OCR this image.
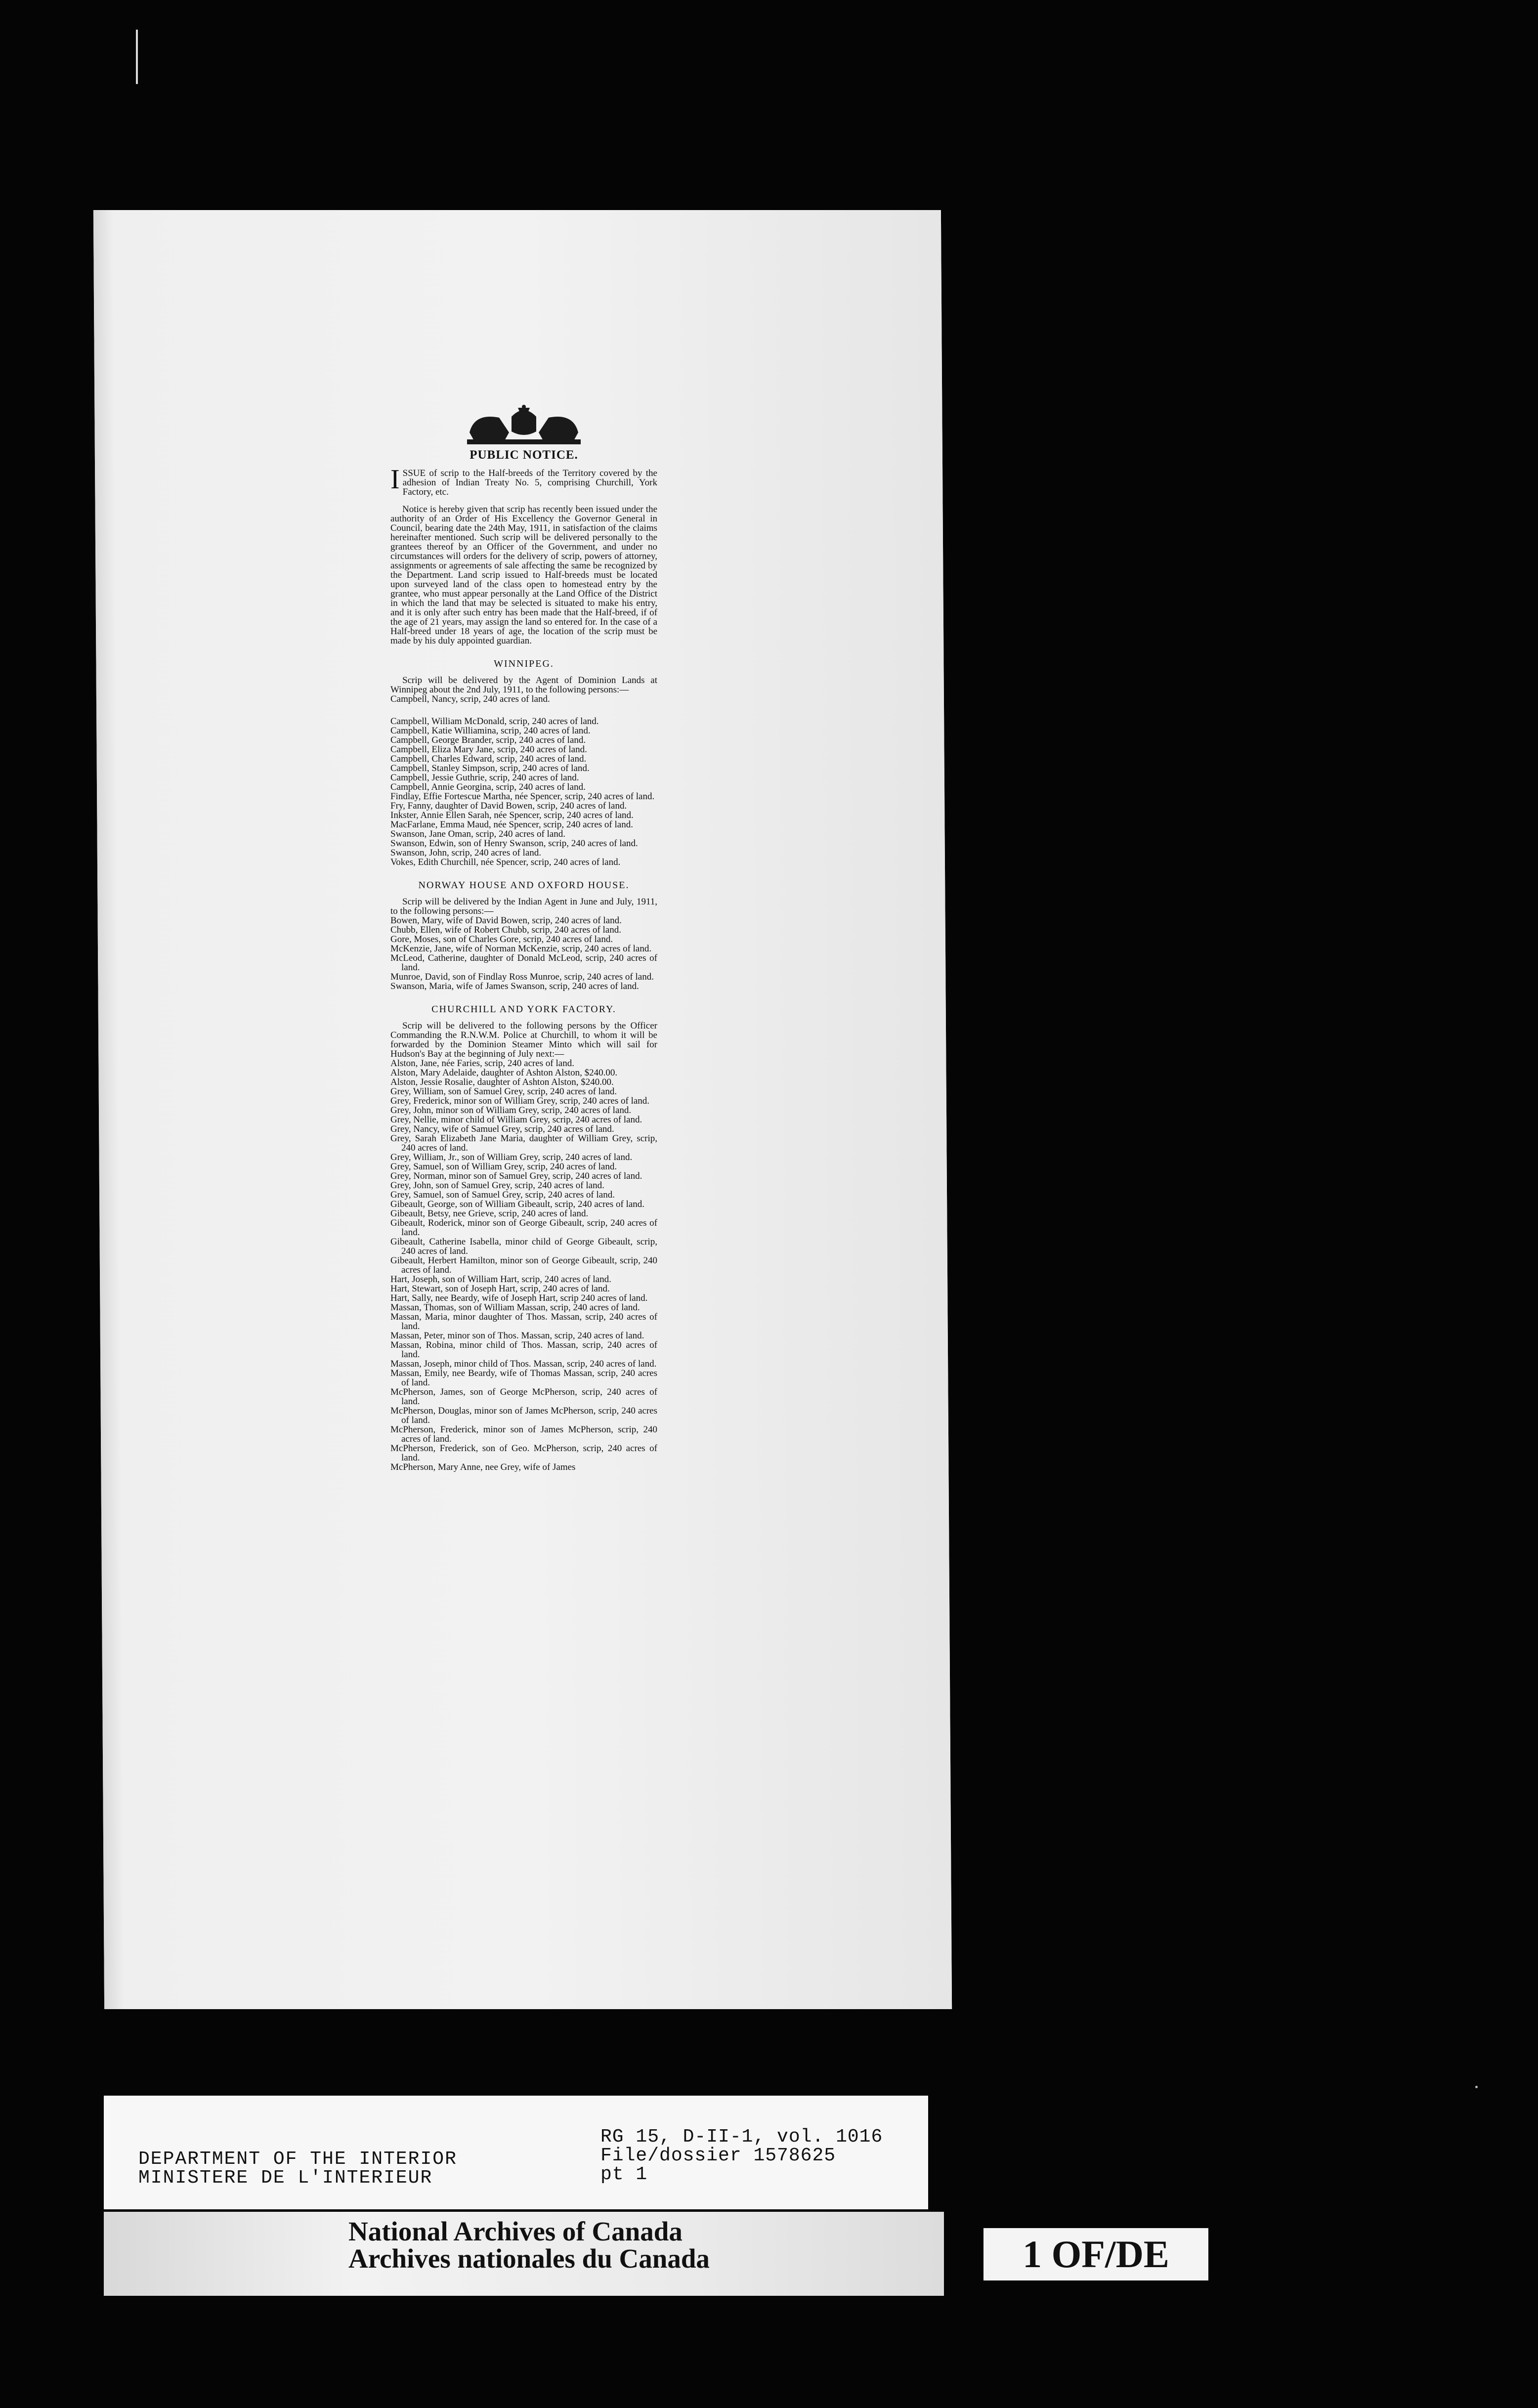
PUBLIC NOTICE.
ISSUE of scrip to the Half-breeds of the Territory covered by the adhesion of Indian Treaty No. 5, comprising Churchill, York Factory, etc.
Notice is hereby given that scrip has recently been issued under the authority of an Order of His Excellency the Governor General in Council, bearing date the 24th May, 1911, in satisfaction of the claims hereinafter mentioned. Such scrip will be delivered personally to the grantees thereof by an Officer of the Government, and under no circumstances will orders for the delivery of scrip, powers of attorney, assignments or agreements of sale affecting the same be recognized by the Department. Land scrip issued to Half-breeds must be located upon surveyed land of the class open to homestead entry by the grantee, who must appear personally at the Land Office of the District in which the land that may be selected is situated to make his entry, and it is only after such entry has been made that the Half-breed, if of the age of 21 years, may assign the land so entered for. In the case of a Half-breed under 18 years of age, the location of the scrip must be made by his duly appointed guardian.
WINNIPEG.
Scrip will be delivered by the Agent of Dominion Lands at Winnipeg about the 2nd July, 1911, to the following persons:—
Campbell, Nancy, scrip, 240 acres of land.
Campbell, William McDonald, scrip, 240 acres of land.
Campbell, Katie Williamina, scrip, 240 acres of land.
Campbell, George Brander, scrip, 240 acres of land.
Campbell, Eliza Mary Jane, scrip, 240 acres of land.
Campbell, Charles Edward, scrip, 240 acres of land.
Campbell, Stanley Simpson, scrip, 240 acres of land.
Campbell, Jessie Guthrie, scrip, 240 acres of land.
Campbell, Annie Georgina, scrip, 240 acres of land.
Findlay, Effie Fortescue Martha, née Spencer, scrip, 240 acres of land.
Fry, Fanny, daughter of David Bowen, scrip, 240 acres of land.
Inkster, Annie Ellen Sarah, née Spencer, scrip, 240 acres of land.
MacFarlane, Emma Maud, née Spencer, scrip, 240 acres of land.
Swanson, Jane Oman, scrip, 240 acres of land.
Swanson, Edwin, son of Henry Swanson, scrip, 240 acres of land.
Swanson, John, scrip, 240 acres of land.
Vokes, Edith Churchill, née Spencer, scrip, 240 acres of land.
NORWAY HOUSE AND OXFORD HOUSE.
Scrip will be delivered by the Indian Agent in June and July, 1911, to the following persons:—
Bowen, Mary, wife of David Bowen, scrip, 240 acres of land.
Chubb, Ellen, wife of Robert Chubb, scrip, 240 acres of land.
Gore, Moses, son of Charles Gore, scrip, 240 acres of land.
McKenzie, Jane, wife of Norman McKenzie, scrip, 240 acres of land.
McLeod, Catherine, daughter of Donald McLeod, scrip, 240 acres of land.
Munroe, David, son of Findlay Ross Munroe, scrip, 240 acres of land.
Swanson, Maria, wife of James Swanson, scrip, 240 acres of land.
CHURCHILL AND YORK FACTORY.
Scrip will be delivered to the following persons by the Officer Commanding the R.N.W.M. Police at Churchill, to whom it will be forwarded by the Dominion Steamer Minto which will sail for Hudson's Bay at the beginning of July next:—
Alston, Jane, née Faries, scrip, 240 acres of land.
Alston, Mary Adelaide, daughter of Ashton Alston, $240.00.
Alston, Jessie Rosalie, daughter of Ashton Alston, $240.00.
Grey, William, son of Samuel Grey, scrip, 240 acres of land.
Grey, Frederick, minor son of William Grey, scrip, 240 acres of land.
Grey, John, minor son of William Grey, scrip, 240 acres of land.
Grey, Nellie, minor child of William Grey, scrip, 240 acres of land.
Grey, Nancy, wife of Samuel Grey, scrip, 240 acres of land.
Grey, Sarah Elizabeth Jane Maria, daughter of William Grey, scrip, 240 acres of land.
Grey, William, Jr., son of William Grey, scrip, 240 acres of land.
Grey, Samuel, son of William Grey, scrip, 240 acres of land.
Grey, Norman, minor son of Samuel Grey, scrip, 240 acres of land.
Grey, John, son of Samuel Grey, scrip, 240 acres of land.
Grey, Samuel, son of Samuel Grey, scrip, 240 acres of land.
Gibeault, George, son of William Gibeault, scrip, 240 acres of land.
Gibeault, Betsy, nee Grieve, scrip, 240 acres of land.
Gibeault, Roderick, minor son of George Gibeault, scrip, 240 acres of land.
Gibeault, Catherine Isabella, minor child of George Gibeault, scrip, 240 acres of land.
Gibeault, Herbert Hamilton, minor son of George Gibeault, scrip, 240 acres of land.
Hart, Joseph, son of William Hart, scrip, 240 acres of land.
Hart, Stewart, son of Joseph Hart, scrip, 240 acres of land.
Hart, Sally, nee Beardy, wife of Joseph Hart, scrip 240 acres of land.
Massan, Thomas, son of William Massan, scrip, 240 acres of land.
Massan, Maria, minor daughter of Thos. Massan, scrip, 240 acres of land.
Massan, Peter, minor son of Thos. Massan, scrip, 240 acres of land.
Massan, Robina, minor child of Thos. Massan, scrip, 240 acres of land.
Massan, Joseph, minor child of Thos. Massan, scrip, 240 acres of land.
Massan, Emily, nee Beardy, wife of Thomas Massan, scrip, 240 acres of land.
McPherson, James, son of George McPherson, scrip, 240 acres of land.
McPherson, Douglas, minor son of James McPherson, scrip, 240 acres of land.
McPherson, Frederick, minor son of James McPherson, scrip, 240 acres of land.
McPherson, Frederick, son of Geo. McPherson, scrip, 240 acres of land.
McPherson, Mary Anne, nee Grey, wife of James
DEPARTMENT OF THE INTERIOR
MINISTERE DE L'INTERIEUR
RG 15, D-II-1, vol. 1016
File/dossier 1578625
pt 1
National Archives of Canada
Archives nationales du Canada	1 OF/DE
